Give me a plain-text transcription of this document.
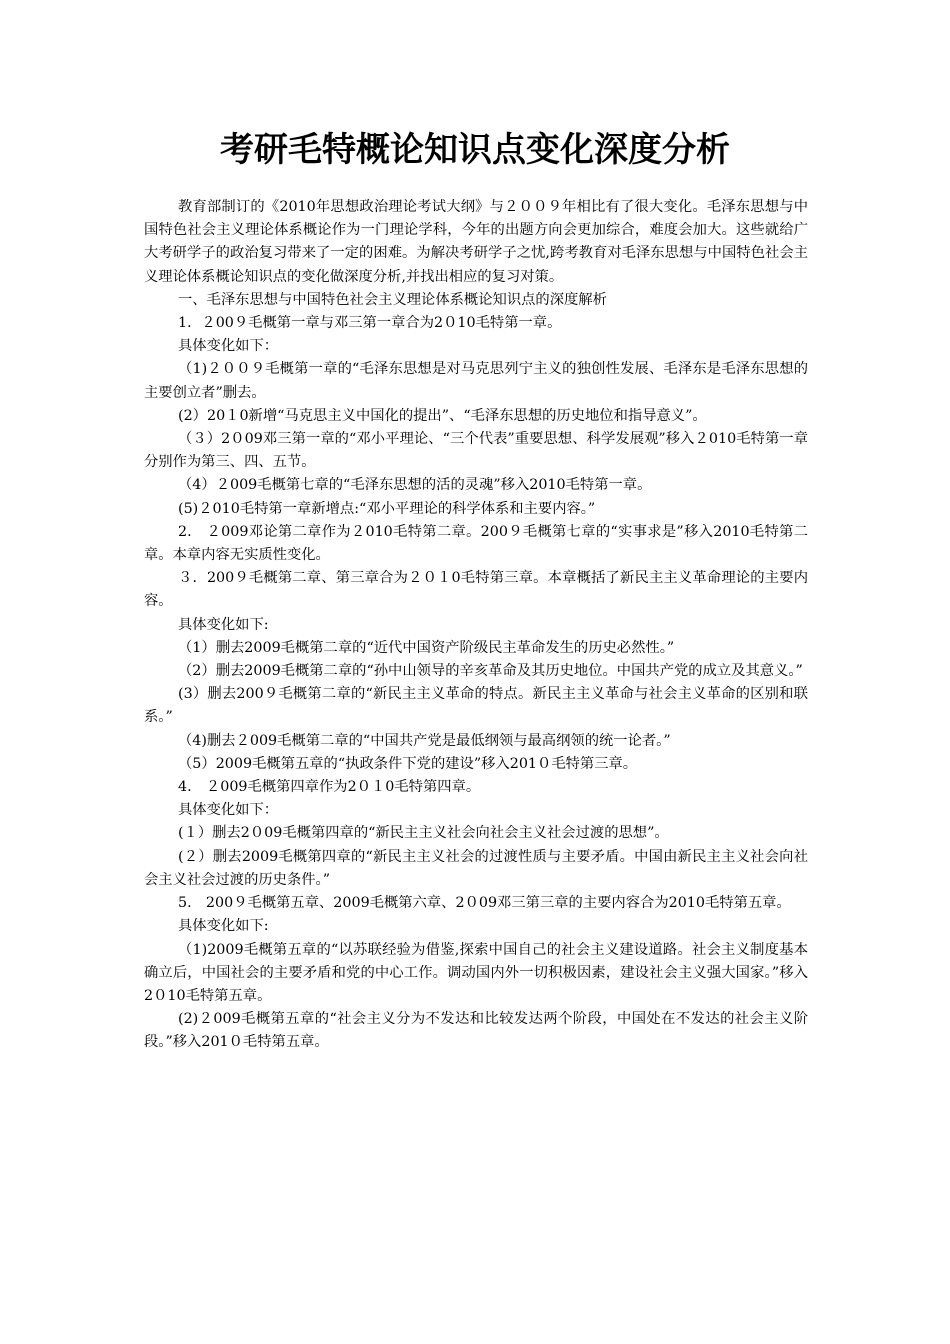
考研毛特概论知识点变化深度分析

教育部制订的《2010年思想政治理论考试大纲》与２００９年相比有了很大变化。毛泽东思想与中国特色社会主义理论体系概论作为一门理论学科，今年的出题方向会更加综合，难度会加大。这些就给广大考研学子的政治复习带来了一定的困难。为解决考研学子之忧,跨考教育对毛泽东思想与中国特色社会主义理论体系概论知识点的变化做深度分析,并找出相应的复习对策。

一、毛泽东思想与中国特色社会主义理论体系概论知识点的深度解析

1．２00９毛概第一章与邓三第一章合为2０10毛特第一章。

具体变化如下：

（1)２００９毛概第一章的“毛泽东思想是对马克思列宁主义的独创性发展、毛泽东是毛泽东思想的主要创立者”删去。

(2）20１0新增“马克思主义中国化的提出”、“毛泽东思想的历史地位和指导意义”。

（３）2０09邓三第一章的“邓小平理论、“三个代表”重要思想、科学发展观”移入２010毛特第一章分别作为第三、四、五节。

（4）２009毛概第七章的“毛泽东思想的活的灵魂”移入2010毛特第一章。

(5)２010毛特第一章新增点:“邓小平理论的科学体系和主要内容。”

2.　２009邓论第二章作为２010毛特第二章。200９毛概第七章的“实事求是”移入2010毛特第二章。本章内容无实质性变化。

３．200９毛概第二章、第三章合为２０１0毛特第三章。本章概括了新民主主义革命理论的主要内容。

具体变化如下:

（1）删去2009毛概第二章的“近代中国资产阶级民主革命发生的历史必然性。”

（2）删去2009毛概第二章的“孙中山领导的辛亥革命及其历史地位。中国共产党的成立及其意义。”

(3）删去200９毛概第二章的“新民主主义革命的特点。新民主主义革命与社会主义革命的区别和联系。”

（4)删去２009毛概第二章的“中国共产党是最低纲领与最高纲领的统一论者。”

（5）2009毛概第五章的“执政条件下党的建设”移入201０毛特第三章。

4.　２009毛概第四章作为2０１0毛特第四章。

具体变化如下：

(１）删去2０09毛概第四章的“新民主主义社会向社会主义社会过渡的思想”。

(２）删去2009毛概第四章的“新民主主义社会的过渡性质与主要矛盾。中国由新民主主义社会向社会主义社会过渡的历史条件。”

5.　200９毛概第五章、2009毛概第六章、2０09邓三第三章的主要内容合为2010毛特第五章。

具体变化如下:

（1)2009毛概第五章的“以苏联经验为借鉴,探索中国自己的社会主义建设道路。社会主义制度基本确立后，中国社会的主要矛盾和党的中心工作。调动国内外一切积极因素，建设社会主义强大国家。”移入2０10毛特第五章。

(2)２009毛概第五章的“社会主义分为不发达和比较发达两个阶段，中国处在不发达的社会主义阶段。”移入201０毛特第五章。
